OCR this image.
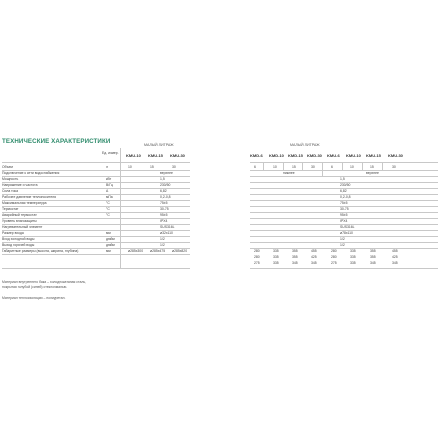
ТЕХНИЧЕСКИЕ ХАРАКТЕРИСТИКИ	МАЛЫЙ ЛИТРАЖ
Ед. измер. KMU-10 KMU-15 KMU-30
Объем	л	10	15	30
Подключение к сети водоснабжения	верхнее
Мощность	кВт	1,5
Напряжение и частота	В/Гц	230/50
Сила тока	А	6,82
Рабочее давление теплоносителя	мПа	0,2-0,8
Максимальная температура	°C	75±5
Термостат	°C	30-75
Аварийный термостат	°C	95±5
Уровень влагозащиты	IPX4
Нагревательный элемент	SUS316L
Размер входа	мм	ø32x110
Вход холодной воды	дюйм	1/2
Выход горячей воды	дюйм	1/2
Габаритные размеры (высота, ширина, глубина)	мм	ø285x300 ø285x475 ø285x820
МАЛЫЙ ЛИТРАЖ
KMD-6 KMD-10 KMD-15 KMD-30 KMU-6 KMU-10 KMU-15 KMU-30
6	10	15	30	6	10	15	30
нижнее	верхнее
1,5
230/50
6,82
0,2-0,8
75±5
30-75
95±5
IPX4
SUS316L
ø78x110
1/2
1/2
280	335	355	455	280	335	355	455
280	335	355	425	280	335	355	425
275	335	345	345	275	335	345	345
Материал внутреннего бака – холоднокатаная сталь,
покрытая голубой (синей) стеклоэмалью.
Материал теплоизоляции – полиуретан.
